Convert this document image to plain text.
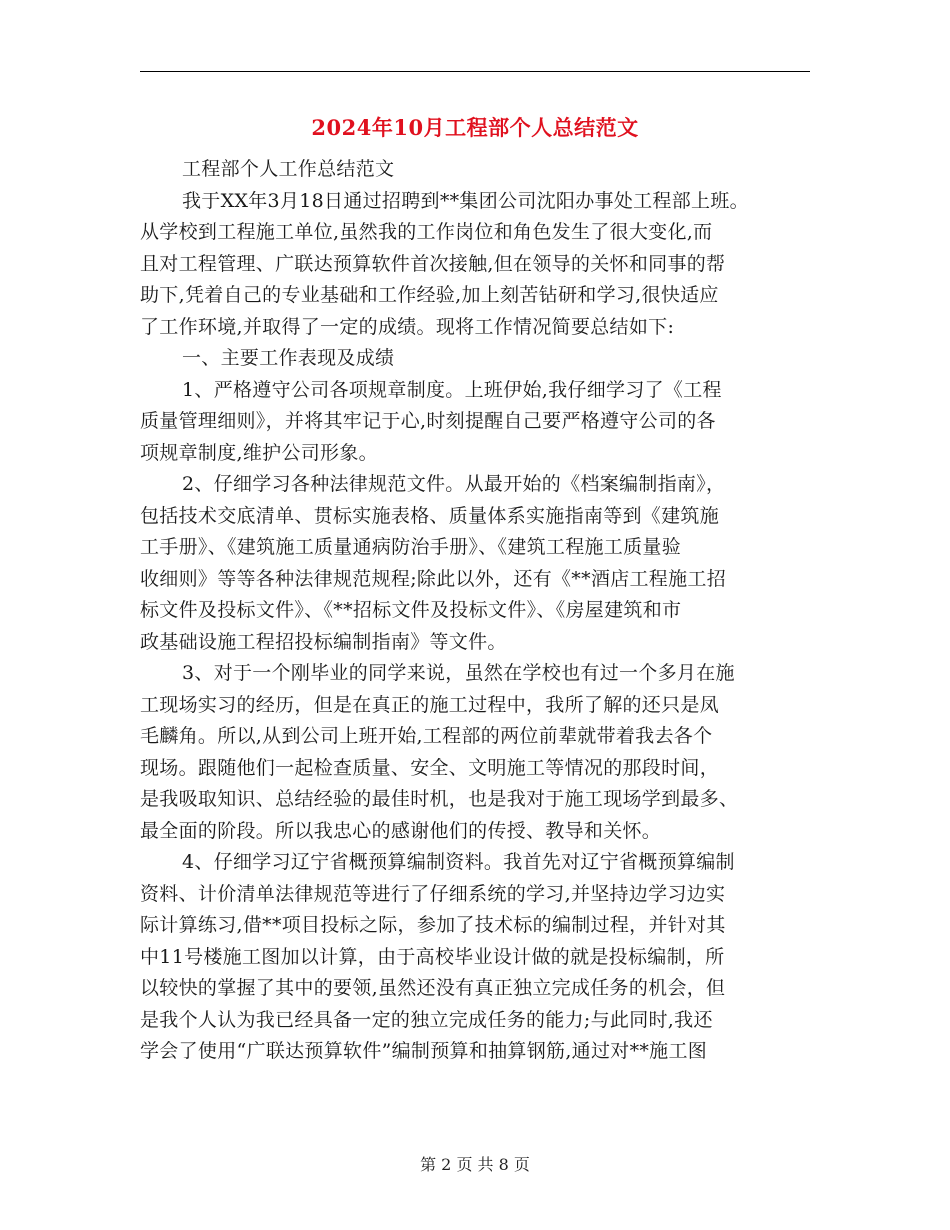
2024年10月工程部个人总结范文
工程部个人工作总结范文
我于XX年3月18日通过招聘到**集团公司沈阳办事处工程部上班。
从学校到工程施工单位,虽然我的工作岗位和角色发生了很大变化,而
且对工程管理、广联达预算软件首次接触,但在领导的关怀和同事的帮
助下,凭着自己的专业基础和工作经验,加上刻苦钻研和学习,很快适应
了工作环境,并取得了一定的成绩。现将工作情况简要总结如下:
一、主要工作表现及成绩
1、严格遵守公司各项规章制度。上班伊始,我仔细学习了《工程
质量管理细则》，并将其牢记于心,时刻提醒自己要严格遵守公司的各
项规章制度,维护公司形象。
2、仔细学习各种法律规范文件。从最开始的《档案编制指南》，
包括技术交底清单、贯标实施表格、质量体系实施指南等到《建筑施
工手册》、《建筑施工质量通病防治手册》、《建筑工程施工质量验
收细则》等等各种法律规范规程;除此以外，还有《**酒店工程施工招
标文件及投标文件》、《**招标文件及投标文件》、《房屋建筑和市
政基础设施工程招投标编制指南》等文件。
3、对于一个刚毕业的同学来说，虽然在学校也有过一个多月在施
工现场实习的经历，但是在真正的施工过程中，我所了解的还只是凤
毛麟角。所以,从到公司上班开始,工程部的两位前辈就带着我去各个
现场。跟随他们一起检查质量、安全、文明施工等情况的那段时间，
是我吸取知识、总结经验的最佳时机，也是我对于施工现场学到最多、
最全面的阶段。所以我忠心的感谢他们的传授、教导和关怀。
4、仔细学习辽宁省概预算编制资料。我首先对辽宁省概预算编制
资料、计价清单法律规范等进行了仔细系统的学习,并坚持边学习边实
际计算练习,借**项目投标之际，参加了技术标的编制过程，并针对其
中11号楼施工图加以计算，由于高校毕业设计做的就是投标编制，所
以较快的掌握了其中的要领,虽然还没有真正独立完成任务的机会，但
是我个人认为我已经具备一定的独立完成任务的能力;与此同时,我还
学会了使用“广联达预算软件”编制预算和抽算钢筋,通过对**施工图
第 2 页 共 8 页
